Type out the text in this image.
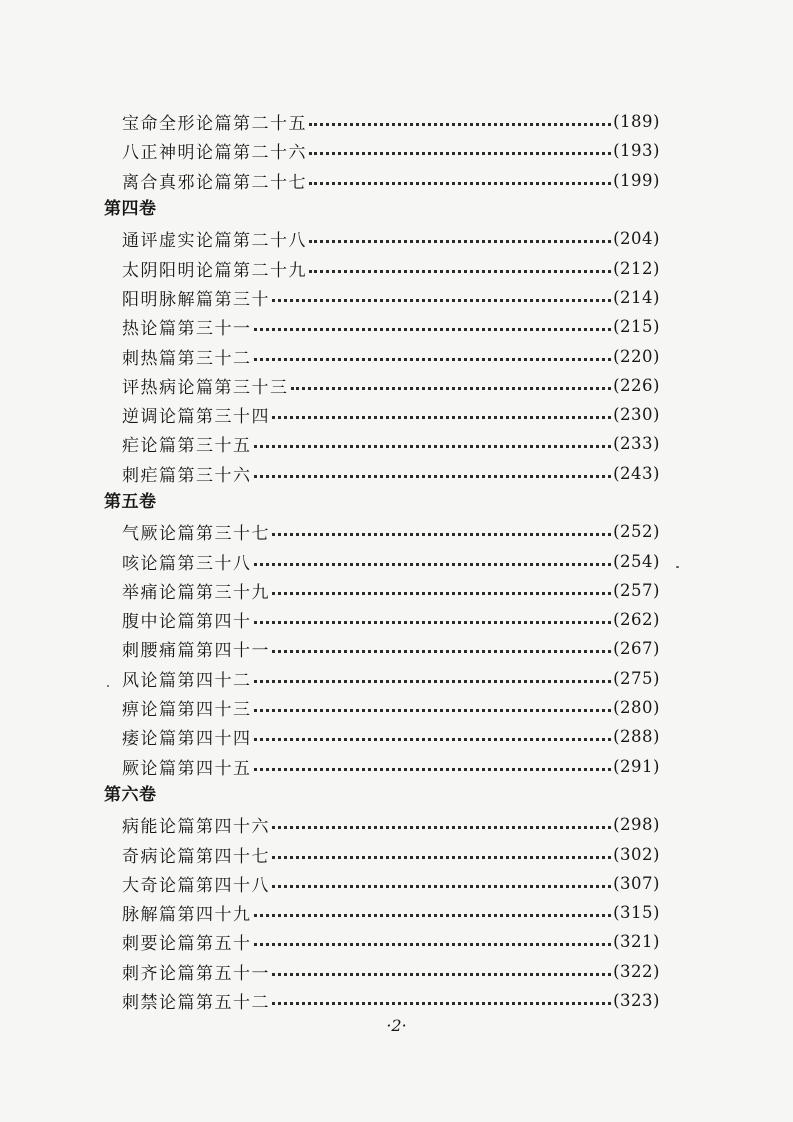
宝命全形论篇第二十五	(189)
八正神明论篇第二十六	(193)
离合真邪论篇第二十七	(199)
第四卷
通评虚实论篇第二十八	(204)
太阴阳明论篇第二十九	(212)
阳明脉解篇第三十	(214)
热论篇第三十一	(215)
刺热篇第三十二	(220)
评热病论篇第三十三	(226)
逆调论篇第三十四	(230)
疟论篇第三十五	(233)
刺疟篇第三十六	(243)
第五卷
气厥论篇第三十七	(252)
咳论篇第三十八	(254)
举痛论篇第三十九	(257)
腹中论篇第四十	(262)
刺腰痛篇第四十一	(267)
风论篇第四十二	(275)
痹论篇第四十三	(280)
痿论篇第四十四	(288)
厥论篇第四十五	(291)
第六卷
病能论篇第四十六	(298)
奇病论篇第四十七	(302)
大奇论篇第四十八	(307)
脉解篇第四十九	(315)
刺要论篇第五十	(321)
刺齐论篇第五十一	(322)
刺禁论篇第五十二	(323)
·2·
